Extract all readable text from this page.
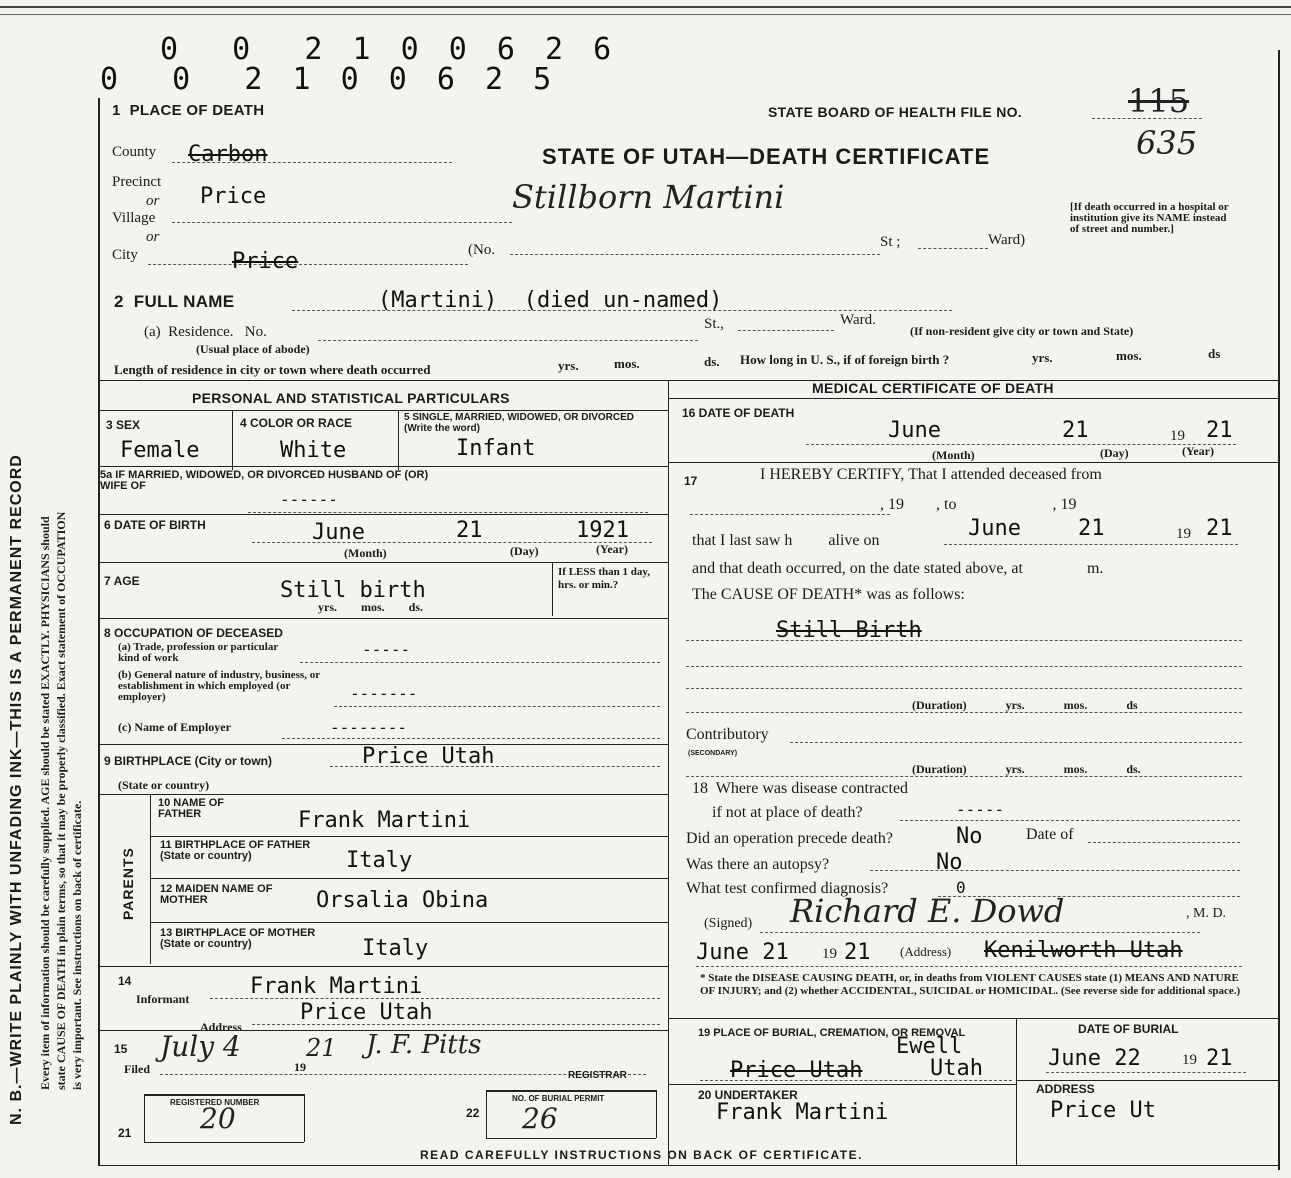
0  0  2 1 0 0 6 2 6
0  0  2 1 0 0 6 2 5
N. B.—WRITE PLAINLY WITH UNFADING INK—THIS IS A PERMANENT RECORD Every item of information should be carefully supplied. AGE should be stated EXACTLY. PHYSICIANS should state CAUSE OF DEATH in plain terms, so that it may be properly classified. Exact statement of OCCUPATION is very important. See instructions on back of certificate.
1  PLACE OF DEATH	STATE BOARD OF HEALTH FILE NO.	115
635
STATE OF UTAH—DEATH CERTIFICATE
[If death occurred in a hospital or institution give its NAME instead of street and number.]
County Carbon
Precinct
or
Village
Price	Stillborn Martini
or
City	Price	(No.	St ;	Ward)
2  FULL NAME	(Martini)  (died un-named)
(a)  Residence.   No.
(Usual place of abode)
St.,	Ward.
(If non-resident give city or town and State)
Length of residence in city or town where death occurred	yrs.	mos.	ds. How long in U. S., if of foreign birth ?	yrs.	mos.	ds
PERSONAL AND STATISTICAL PARTICULARS
3 SEX
Female
4 COLOR OR RACE
White
5 SINGLE, MARRIED, WIDOWED, OR DIVORCED (Write the word)
Infant
5a IF MARRIED, WIDOWED, OR DIVORCED HUSBAND OF (OR) WIFE OF
------
6 DATE OF BIRTH	June	21	1921
(Month)	(Day)	(Year)
7 AGE	Still birth
yrs.        mos.        ds.
If LESS than 1 day, hrs. or min.?
8 OCCUPATION OF DECEASED
(a) Trade, profession or particular kind of work	-----
(b) General nature of industry, business, or establishment in which employed (or employer)	-------
(c) Name of Employer	--------
9 BIRTHPLACE (City or town)	Price Utah
(State or country)
PARENTS
10 NAME OF FATHER	Frank Martini
11 BIRTHPLACE OF FATHER (State or country)	Italy
12 MAIDEN NAME OF MOTHER	Orsalia Obina
13 BIRTHPLACE OF MOTHER (State or country)	Italy
14
Informant	Frank Martini
Address
Price Utah
15
Filed
July 4
19
21 J. F. Pitts
REGISTRAR
REGISTERED NUMBER
21 20
NO. OF BURIAL PERMIT
22 26
MEDICAL CERTIFICATE OF DEATH
16 DATE OF DEATH
June	21	19 21
(Month)	(Day)	(Year)
17	I HEREBY CERTIFY, That I attended deceased from
, 19        , to                        , 19
that I last saw h         alive on	June	21	19 21
and that death occurred, on the date stated above, at                m.
The CAUSE OF DEATH* was as follows:
Still Birth
(Duration)             yrs.             mos.             ds
Contributory
(SECONDARY)
(Duration)             yrs.             mos.             ds.
18  Where was disease contracted
if not at place of death?	-----
Did an operation precede death?	No	Date of
Was there an autopsy?	No
What test confirmed diagnosis?	0
(Signed) Richard E. Dowd	, M. D.
June 21 19 21 (Address) Kenilworth Utah
* State the DISEASE CAUSING DEATH, or, in deaths from VIOLENT CAUSES state (1) MEANS AND NATURE OF INJURY; and (2) whether ACCIDENTAL, SUICIDAL or HOMICIDAL. (See reverse side for additional space.)
19 PLACE OF BURIAL, CREMATION, OR REMOVAL
Price Utah
Ewell
Utah
DATE OF BURIAL
June 22	19 21
20 UNDERTAKER
Frank Martini
ADDRESS
Price Ut
READ CAREFULLY INSTRUCTIONS ON BACK OF CERTIFICATE.
